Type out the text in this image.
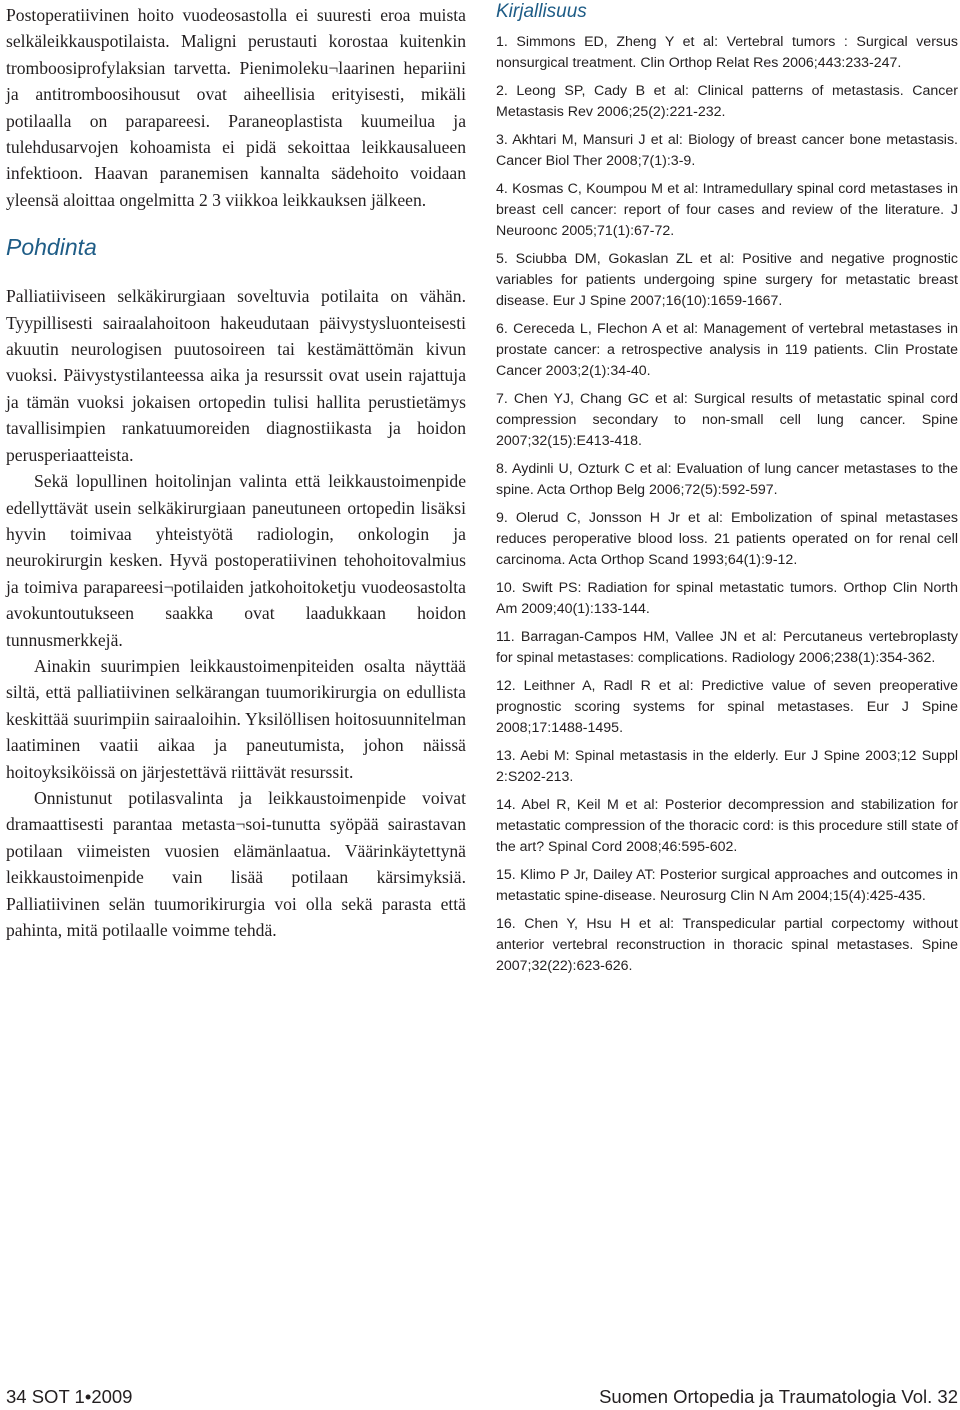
Postoperatiivinen hoito vuodeosastolla ei suuresti eroa muista selkäleikkauspotilaista. Maligni perustauti korostaa kuitenkin tromboosiprofylaksian tarvetta. Pienimoleku¬laarinen hepariini ja antitromboosihousut ovat aiheellisia erityisesti, mikäli potilaalla on parapareesi. Paraneoplastista kuumeilua ja tulehdusarvojen kohoamista ei pidä sekoittaa leikkausalueen infektioon. Haavan paranemisen kannalta sädehoito voidaan yleensä aloittaa ongelmitta 2 3 viikkoa leikkauksen jälkeen.

Pohdinta

Palliatiiviseen selkäkirurgiaan soveltuvia potilaita on vähän. Tyypillisesti sairaalahoitoon hakeudutaan päivystysluonteisesti akuutin neurologisen puutosoireen tai kestämättömän kivun vuoksi. Päivystystilanteessa aika ja resurssit ovat usein rajattuja ja tämän vuoksi jokaisen ortopedin tulisi hallita perustietämys tavallisimpien rankatuumoreiden diagnostiikasta ja hoidon perusperiaatteista.

Sekä lopullinen hoitolinjan valinta että leikkaustoimenpide edellyttävät usein selkäkirurgiaan paneutuneen ortopedin lisäksi hyvin toimivaa yhteistyötä radiologin, onkologin ja neurokirurgin kesken. Hyvä postoperatiivinen tehohoitovalmius ja toimiva parapareesi¬potilaiden jatkohoitoketju vuodeosastolta avokuntoutukseen saakka ovat laadukkaan hoidon tunnusmerkkejä.

Ainakin suurimpien leikkaustoimenpiteiden osalta näyttää siltä, että palliatiivinen selkärangan tuumorikirurgia on edullista keskittää suurimpiin sairaaloihin. Yksilöllisen hoitosuunnitelman laatiminen vaatii aikaa ja paneutumista, johon näissä hoitoyksiköissä on järjestettävä riittävät resurssit.

Onnistunut potilasvalinta ja leikkaustoimenpide voivat dramaattisesti parantaa metasta¬soi-tunutta syöpää sairastavan potilaan viimeisten vuosien elämänlaatua. Väärinkäytettynä leikkaustoimenpide vain lisää potilaan kärsimyksiä. Palliatiivinen selän tuumorikirurgia voi olla sekä parasta että pahinta, mitä potilaalle voimme tehdä.

Kirjallisuus
1. Simmons ED, Zheng Y et al: Vertebral tumors : Surgical versus nonsurgical treatment. Clin Orthop Relat Res 2006;443:233-247.
2. Leong SP, Cady B et al: Clinical patterns of metastasis. Cancer Metastasis Rev 2006;25(2):221-232.
3. Akhtari M, Mansuri J et al: Biology of breast cancer bone metastasis. Cancer Biol Ther 2008;7(1):3-9.
4. Kosmas C, Koumpou M et al: Intramedullary spinal cord metastases in breast cell cancer: report of four cases and review of the literature. J Neuroonc 2005;71(1):67-72.
5. Sciubba DM, Gokaslan ZL et al: Positive and negative prognostic variables for patients undergoing spine surgery for metastatic breast disease. Eur J Spine 2007;16(10):1659-1667.
6. Cereceda L, Flechon A et al: Management of vertebral metastases in prostate cancer: a retrospective analysis in 119 patients. Clin Prostate Cancer 2003;2(1):34-40.
7. Chen YJ, Chang GC et al: Surgical results of metastatic spinal cord compression secondary to non-small cell lung cancer. Spine 2007;32(15):E413-418.
8. Aydinli U, Ozturk C et al: Evaluation of lung cancer metastases to the spine. Acta Orthop Belg 2006;72(5):592-597.
9. Olerud C, Jonsson H Jr et al: Embolization of spinal metastases reduces peroperative blood loss. 21 patients operated on for renal cell carcinoma. Acta Orthop Scand 1993;64(1):9-12.
10. Swift PS: Radiation for spinal metastatic tumors. Orthop Clin North Am 2009;40(1):133-144.
11. Barragan-Campos HM, Vallee JN et al: Percutaneus vertebroplasty for spinal metastases: complications. Radiology 2006;238(1):354-362.
12. Leithner A, Radl R et al: Predictive value of seven preoperative prognostic scoring systems for spinal metastases. Eur J Spine 2008;17:1488-1495.
13. Aebi M: Spinal metastasis in the elderly. Eur J Spine 2003;12 Suppl 2:S202-213.
14. Abel R, Keil M et al: Posterior decompression and stabilization for metastatic compression of the thoracic cord: is this procedure still state of the art? Spinal Cord 2008;46:595-602.
15. Klimo P Jr, Dailey AT: Posterior surgical approaches and outcomes in metastatic spine-disease. Neurosurg Clin N Am 2004;15(4):425-435.
16. Chen Y, Hsu H et al: Transpedicular partial corpectomy without anterior vertebral reconstruction in thoracic spinal metastases. Spine 2007;32(22):623-626.
34 SOT 1•2009	Suomen Ortopedia ja Traumatologia Vol. 32
